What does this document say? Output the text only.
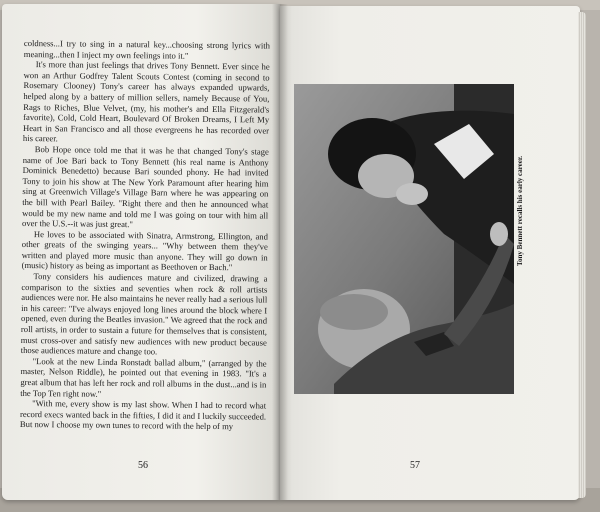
coldness...I try to sing in a natural key...choosing strong lyrics with meaning...then I inject my own feelings into it."

It's more than just feelings that drives Tony Bennett. Ever since he won an Arthur Godfrey Talent Scouts Contest (coming in second to Rosemary Clooney) Tony's career has always expanded upwards, helped along by a battery of million sellers, namely Because of You, Rags to Riches, Blue Velvet, (my, his mother's and Ella Fitzgerald's favorite), Cold, Cold Heart, Boulevard Of Broken Dreams, I Left My Heart in San Francisco and all those evergreens he has recorded over his career.

Bob Hope once told me that it was he that changed Tony's stage name of Joe Bari back to Tony Bennett (his real name is Anthony Dominick Benedetto) because Bari sounded phony. He had invited Tony to join his show at The New York Paramount after hearing him sing at Greenwich Village's Village Barn where he was appearing on the bill with Pearl Bailey. "Right there and then he announced what would be my new name and told me I was going on tour with him all over the U.S.--it was just great."

He loves to be associated with Sinatra, Armstrong, Ellington, and other greats of the swinging years... "Why between them they've written and played more music than anyone. They will go down in (music) history as being as important as Beethoven or Bach."

Tony considers his audiences mature and civilized, drawing a comparison to the sixties and seventies when rock & roll artists audiences were nor. He also maintains he never really had a serious lull in his career: "I've always enjoyed long lines around the block where I opened, even during the Beatles invasion." We agreed that the rock and roll artists, in order to sustain a future for themselves that is consistent, must cross-over and satisfy new audiences with new product because those audiences mature and change too.

"Look at the new Linda Ronstadt ballad album," (arranged by the master, Nelson Riddle), he pointed out that evening in 1983. "It's a great album that has left her rock and roll albums in the dust...and is in the Top Ten right now."

"With me, every show is my last show. When I had to record what record execs wanted back in the fifties, I did it and I luckily succeeded. But now I choose my own tunes to record with the help of my

56
Tony Bennett recalls his early career.
57
